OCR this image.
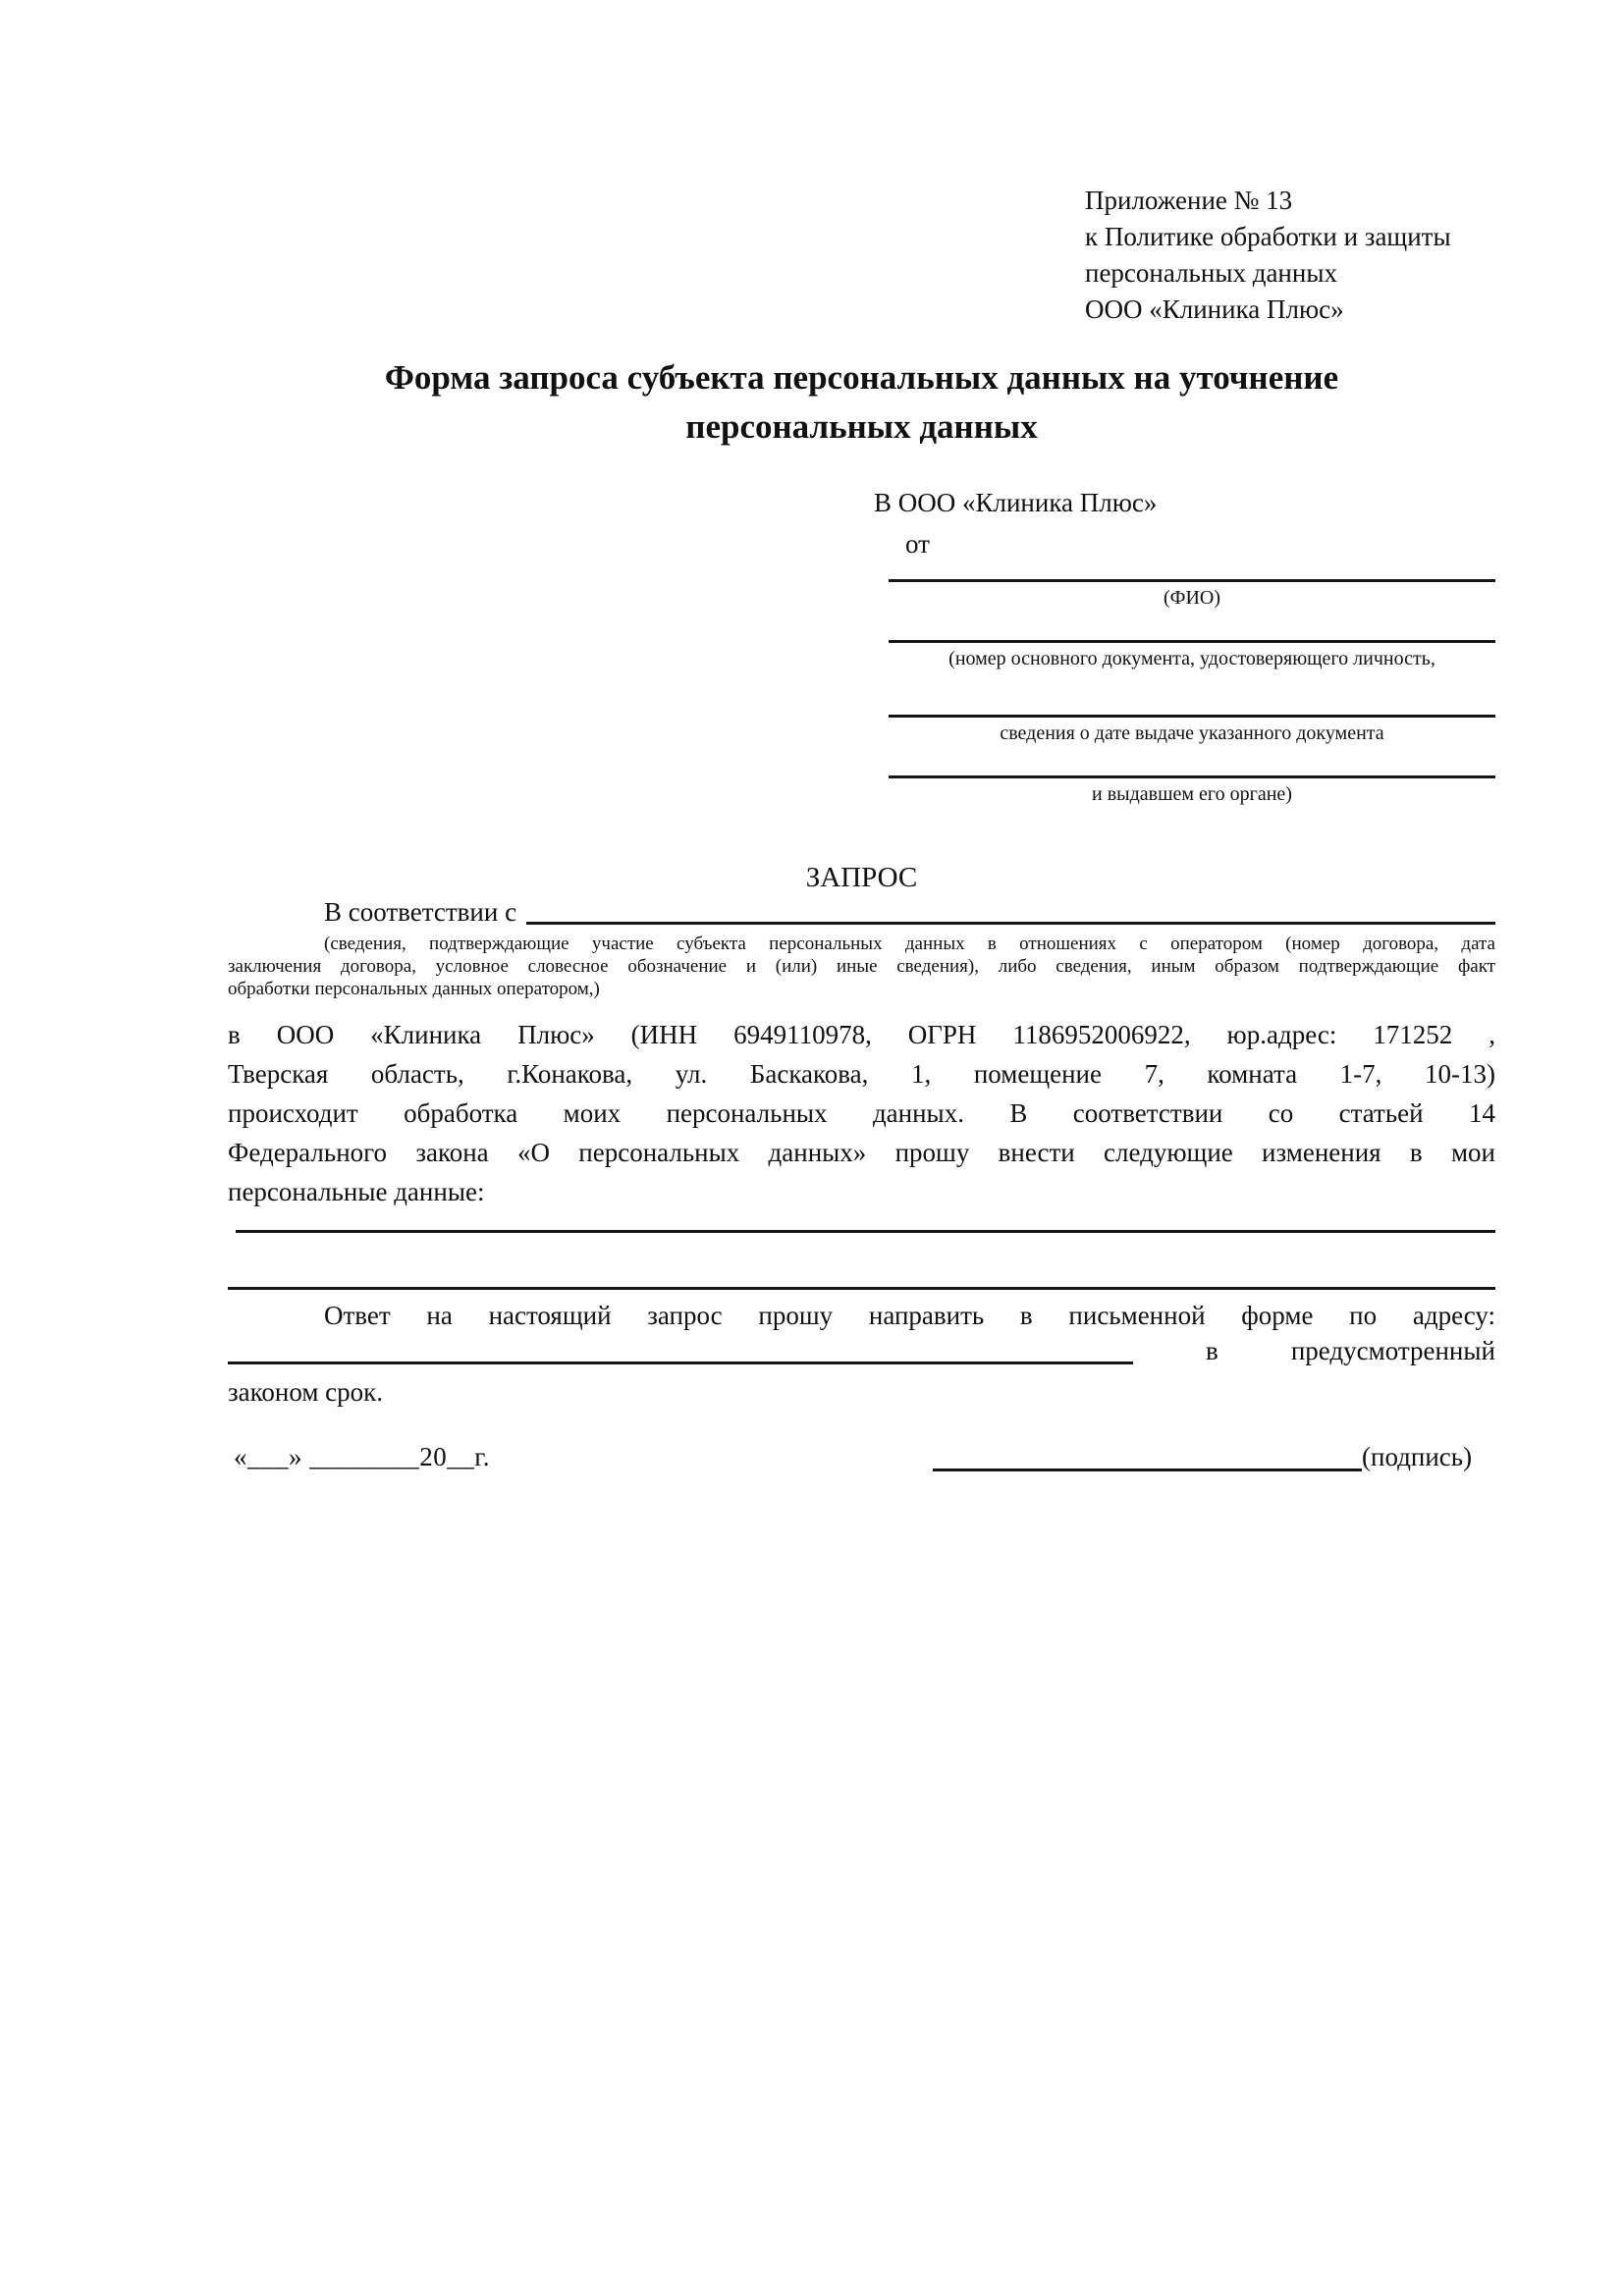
Приложение № 13
к Политике обработки и защиты
персональных данных
ООО «Клиника Плюс»
Форма запроса субъекта персональных данных на уточнение
персональных данных
В ООО «Клиника Плюс»
от
(ФИО)
(номер основного документа, удостоверяющего личность,
сведения о дате выдаче указанного документа
и выдавшем его органе)
ЗАПРОС
В соответствии с
(сведения, подтверждающие участие субъекта персональных данных в отношениях с оператором (номер договора, дата
заключения договора, условное словесное обозначение и (или) иные сведения), либо сведения, иным образом подтверждающие факт
обработки персональных данных оператором,)
в ООО «Клиника Плюс» (ИНН 6949110978, ОГРН 1186952006922, юр.адрес: 171252 ,
Тверская область, г.Конакова, ул. Баскакова, 1, помещение 7, комната 1-7, 10-13)
происходит обработка моих персональных данных. В соответствии со статьей 14
Федерального закона «О персональных данных» прошу внести следующие изменения в мои
персональные данные:
Ответ на настоящий запрос прошу направить в письменной форме по адресу:
в	предусмотренный
законом срок.
«___» ________20__г.	(подпись)
